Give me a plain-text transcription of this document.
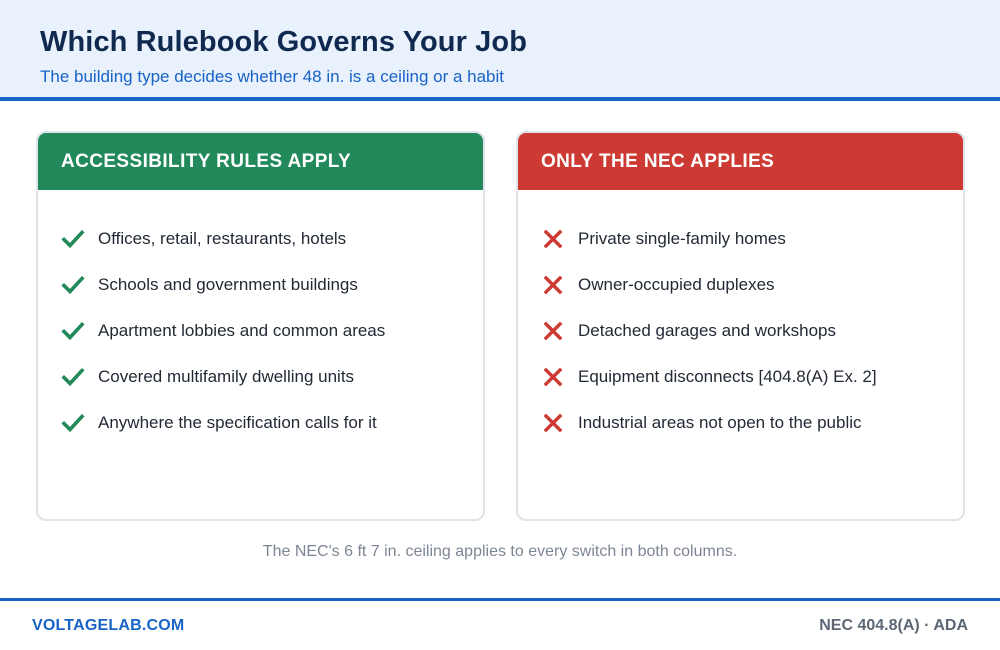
Which Rulebook Governs Your Job
The building type decides whether 48 in. is a ceiling or a habit
ACCESSIBILITY RULES APPLY
Offices, retail, restaurants, hotels
Schools and government buildings
Apartment lobbies and common areas
Covered multifamily dwelling units
Anywhere the specification calls for it
ONLY THE NEC APPLIES
Private single-family homes
Owner-occupied duplexes
Detached garages and workshops
Equipment disconnects [404.8(A) Ex. 2]
Industrial areas not open to the public
The NEC's 6 ft 7 in. ceiling applies to every switch in both columns.
VOLTAGELAB.COM	NEC 404.8(A) · ADA
